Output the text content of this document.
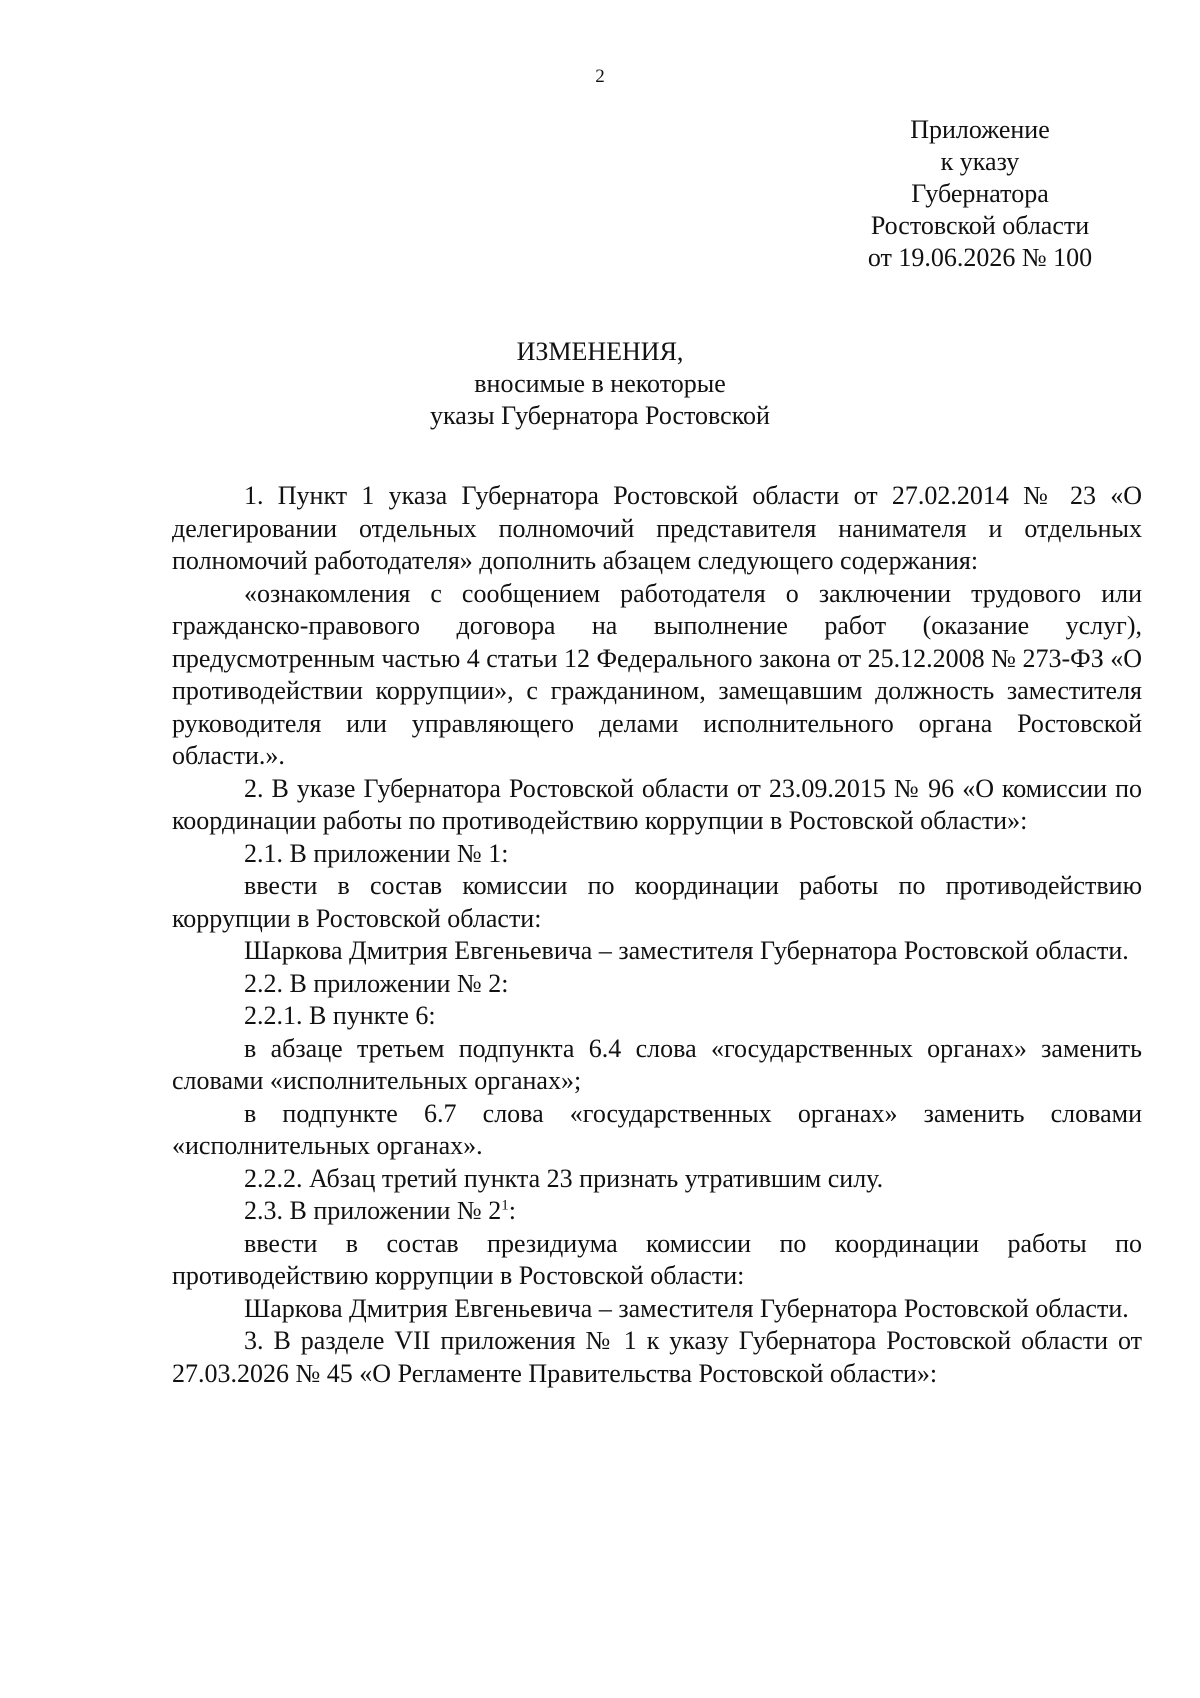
2
Приложение
к указу
Губернатора
Ростовской области
от 19.06.2026 № 100
ИЗМЕНЕНИЯ,
вносимые в некоторые
указы Губернатора Ростовской

1. Пункт 1 указа Губернатора Ростовской области от 27.02.2014 № 23 «О делегировании отдельных полномочий представителя нанимателя и отдельных полномочий работодателя» дополнить абзацем следующего содержания:

«ознакомления с сообщением работодателя о заключении трудового или гражданско-правового договора на выполнение работ (оказание услуг), предусмотренным частью 4 статьи 12 Федерального закона от 25.12.2008 № 273-ФЗ «О противодействии коррупции», с гражданином, замещавшим должность заместителя руководителя или управляющего делами исполнительного органа Ростовской области.».

2. В указе Губернатора Ростовской области от 23.09.2015 № 96 «О комиссии по координации работы по противодействию коррупции в Ростовской области»:

2.1. В приложении № 1:

ввести в состав комиссии по координации работы по противодействию коррупции в Ростовской области:

Шаркова Дмитрия Евгеньевича – заместителя Губернатора Ростовской области.

2.2. В приложении № 2:

2.2.1. В пункте 6:

в абзаце третьем подпункта 6.4 слова «государственных органах» заменить словами «исполнительных органах»;

в подпункте 6.7 слова «государственных органах» заменить словами «исполнительных органах».

2.2.2. Абзац третий пункта 23 признать утратившим силу.

2.3. В приложении № $2^1$:

ввести в состав президиума комиссии по координации работы по противодействию коррупции в Ростовской области:

Шаркова Дмитрия Евгеньевича – заместителя Губернатора Ростовской области.

3. В разделе VII приложения № 1 к указу Губернатора Ростовской области от 27.03.2026 № 45 «О Регламенте Правительства Ростовской области»:
